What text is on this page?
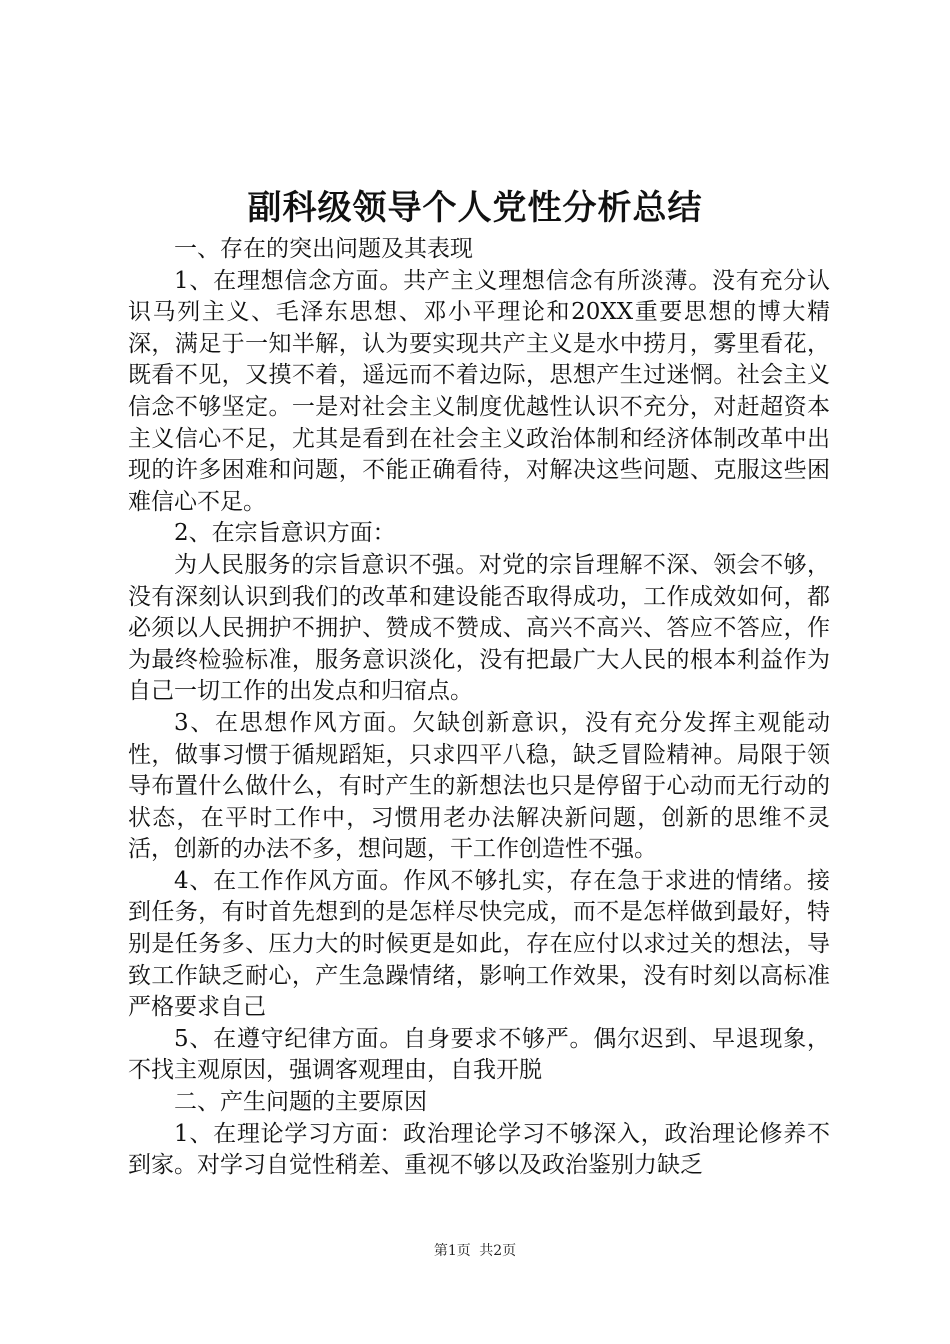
副科级领导个人党性分析总结

一、存在的突出问题及其表现

1、在理想信念方面。共产主义理想信念有所淡薄。没有充分认识马列主义、毛泽东思想、邓小平理论和20XX重要思想的博大精深，满足于一知半解，认为要实现共产主义是水中捞月，雾里看花，既看不见，又摸不着，遥远而不着边际，思想产生过迷惘。社会主义信念不够坚定。一是对社会主义制度优越性认识不充分，对赶超资本主义信心不足，尤其是看到在社会主义政治体制和经济体制改革中出现的许多困难和问题，不能正确看待，对解决这些问题、克服这些困难信心不足。

2、在宗旨意识方面：

为人民服务的宗旨意识不强。对党的宗旨理解不深、领会不够，没有深刻认识到我们的改革和建设能否取得成功，工作成效如何，都必须以人民拥护不拥护、赞成不赞成、高兴不高兴、答应不答应，作为最终检验标准，服务意识淡化，没有把最广大人民的根本利益作为自己一切工作的出发点和归宿点。

3、在思想作风方面。欠缺创新意识，没有充分发挥主观能动性，做事习惯于循规蹈矩，只求四平八稳，缺乏冒险精神。局限于领导布置什么做什么，有时产生的新想法也只是停留于心动而无行动的状态，在平时工作中，习惯用老办法解决新问题，创新的思维不灵活，创新的办法不多，想问题，干工作创造性不强。

4、在工作作风方面。作风不够扎实，存在急于求进的情绪。接到任务，有时首先想到的是怎样尽快完成，而不是怎样做到最好，特别是任务多、压力大的时候更是如此，存在应付以求过关的想法，导致工作缺乏耐心，产生急躁情绪，影响工作效果，没有时刻以高标准严格要求自己

5、在遵守纪律方面。自身要求不够严。偶尔迟到、早退现象，不找主观原因，强调客观理由，自我开脱

二、产生问题的主要原因

1、在理论学习方面：政治理论学习不够深入，政治理论修养不到家。对学习自觉性稍差、重视不够以及政治鉴别力缺乏

第1页 共2页
